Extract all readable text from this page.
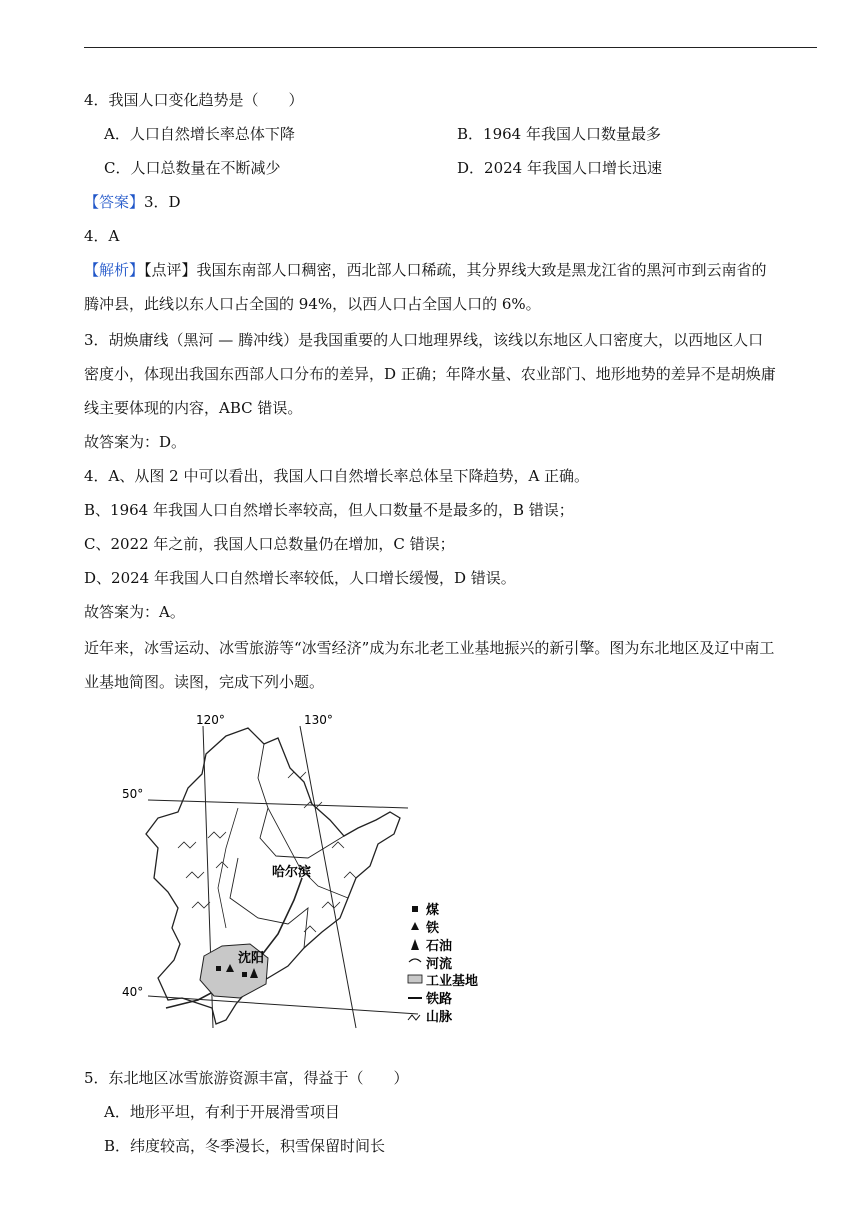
4．我国人口变化趋势是（　　）
A．人口自然增长率总体下降	B．1964 年我国人口数量最多
C．人口总数量在不断减少	D．2024 年我国人口增长迅速
【答案】3．D
4．A
【解析】【点评】我国东南部人口稠密，西北部人口稀疏，其分界线大致是黑龙江省的黑河市到云南省的
腾冲县，此线以东人口占全国的 94%，以西人口占全国人口的 6%。
3．胡焕庸线（黑河 — 腾冲线）是我国重要的人口地理界线，该线以东地区人口密度大，以西地区人口
密度小，体现出我国东西部人口分布的差异，D 正确；年降水量、农业部门、地形地势的差异不是胡焕庸
线主要体现的内容，ABC 错误。
故答案为：D。
4．A、从图 2 中可以看出，我国人口自然增长率总体呈下降趋势，A 正确。
B、1964 年我国人口自然增长率较高，但人口数量不是最多的，B 错误；
C、2022 年之前，我国人口总数量仍在增加，C 错误；
D、2024 年我国人口自然增长率较低，人口增长缓慢，D 错误。
故答案为：A。
近年来，冰雪运动、冰雪旅游等“冰雪经济”成为东北老工业基地振兴的新引擎。图为东北地区及辽中南工
业基地简图。读图，完成下列小题。
120°	130°
50°
40°
沈阳
哈尔滨
煤
铁
石油
河流
工业基地
铁路
山脉
5．东北地区冰雪旅游资源丰富，得益于（　　）
A．地形平坦，有利于开展滑雪项目
B．纬度较高，冬季漫长，积雪保留时间长
